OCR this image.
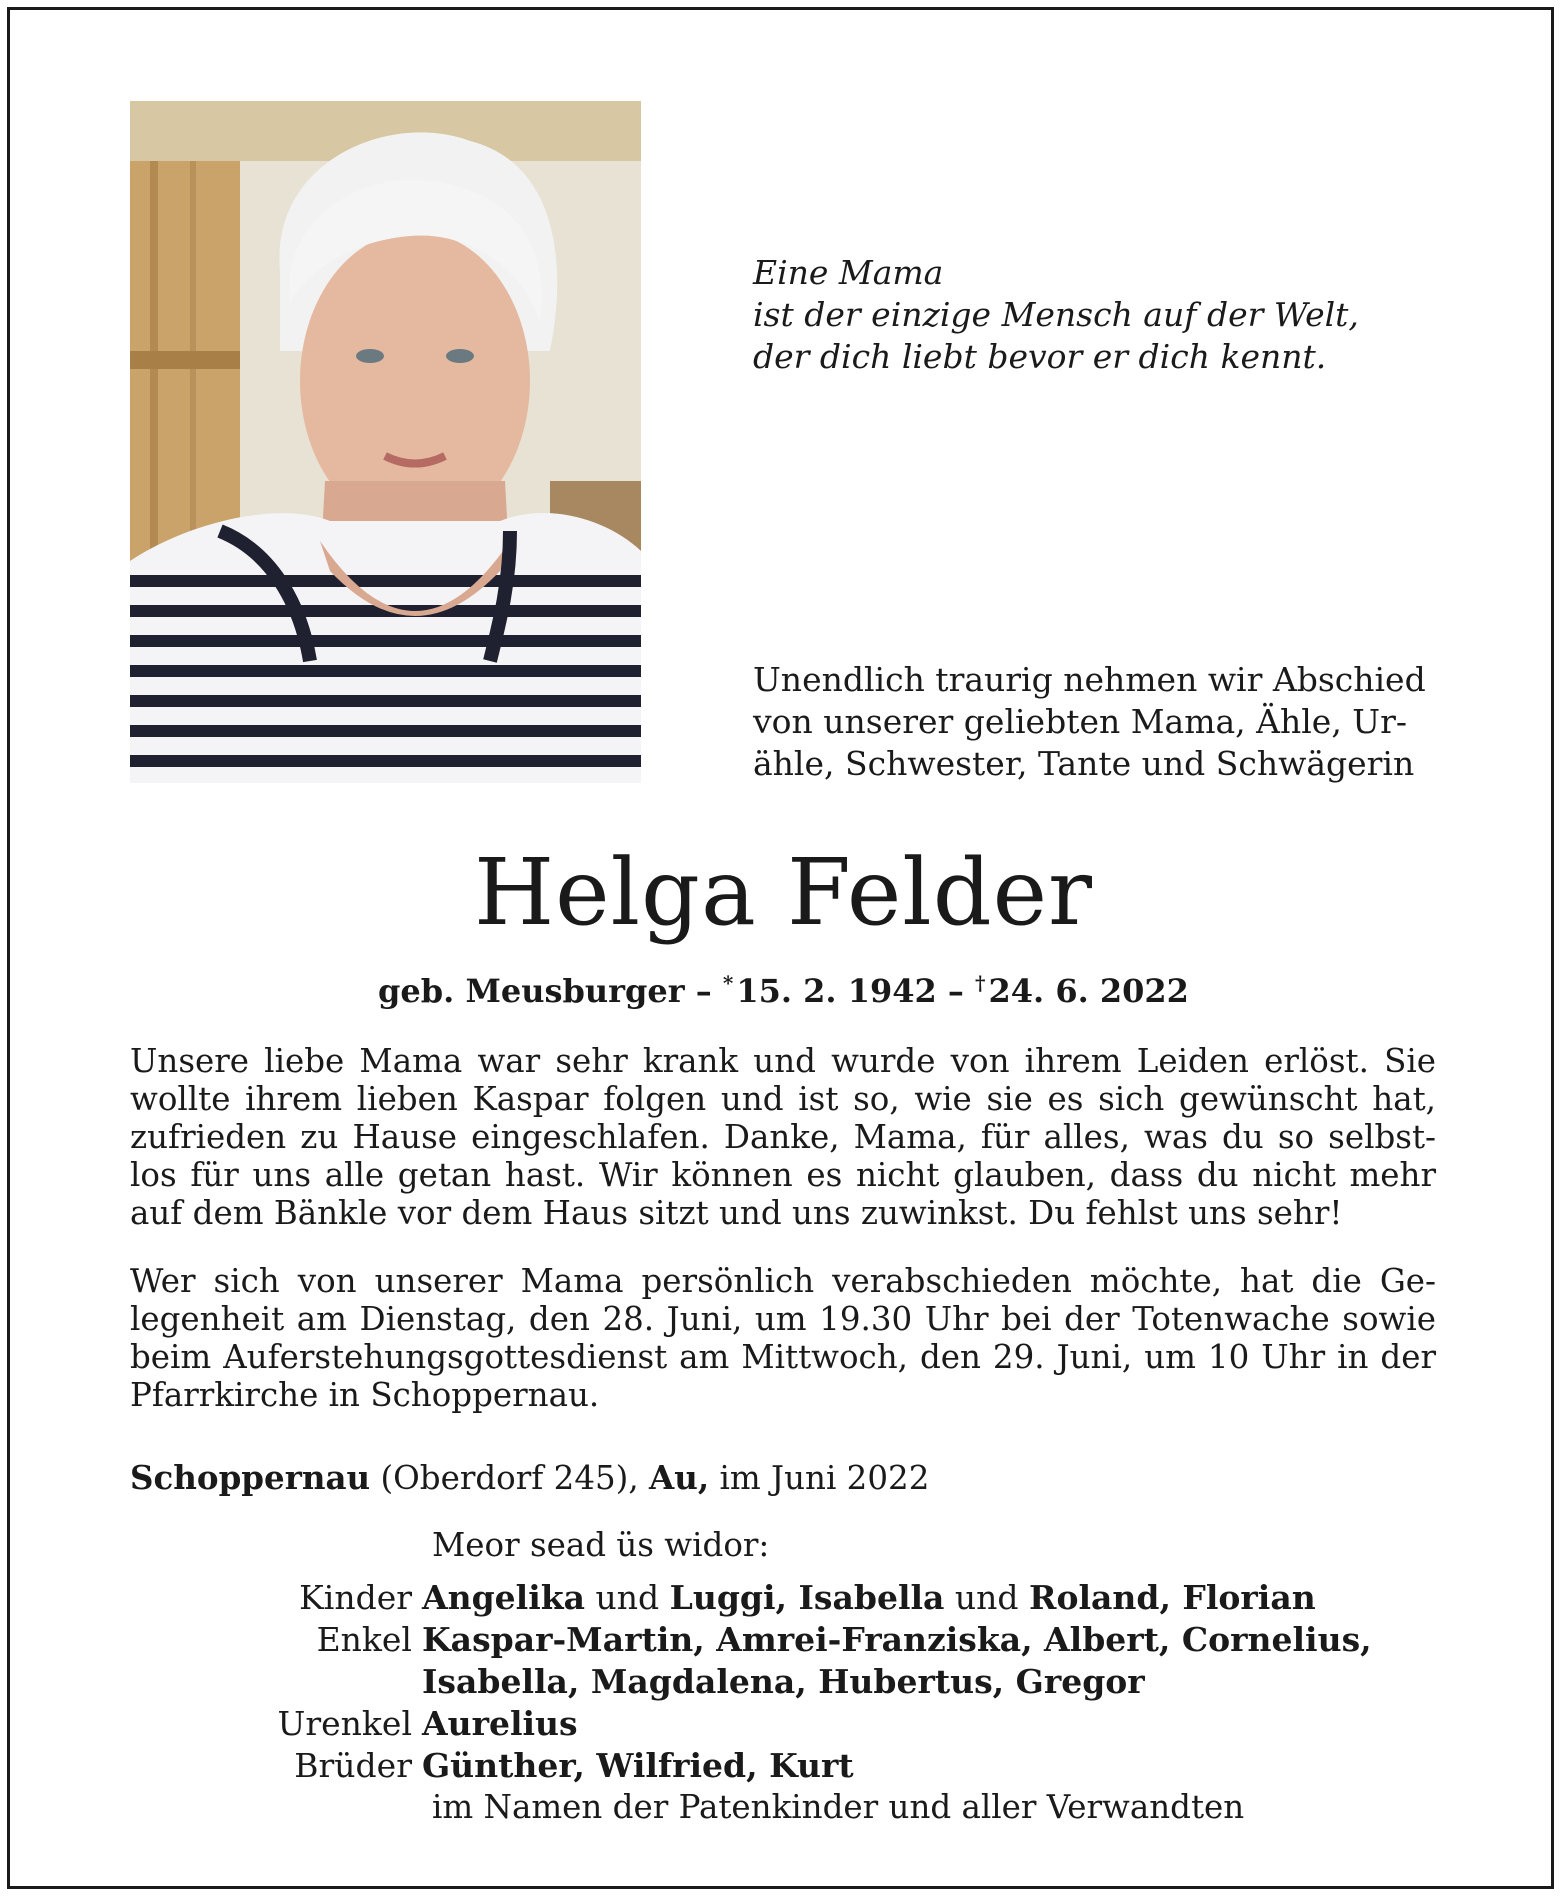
Eine Mama
ist der einzige Mensch auf der Welt,
der dich liebt bevor er dich kennt.
Unendlich traurig nehmen wir Abschied
von unserer geliebten Mama, Ähle, Ur-
ähle, Schwester, Tante und Schwägerin
Helga Felder
geb. Meusburger – *15. 2. 1942 – †24. 6. 2022
Unsere liebe Mama war sehr krank und wurde von ihrem Leiden erlöst. Sie
wollte ihrem lieben Kaspar folgen und ist so, wie sie es sich gewünscht hat,
zufrieden zu Hause eingeschlafen. Danke, Mama, für alles, was du so selbst-
los für uns alle getan hast. Wir können es nicht glauben, dass du nicht mehr
auf dem Bänkle vor dem Haus sitzt und uns zuwinkst. Du fehlst uns sehr!
Wer sich von unserer Mama persönlich verabschieden möchte, hat die Ge-
legenheit am Dienstag, den 28. Juni, um 19.30 Uhr bei der Totenwache sowie
beim Auferstehungsgottesdienst am Mittwoch, den 29. Juni, um 10 Uhr in der
Pfarrkirche in Schoppernau.
Schoppernau (Oberdorf 245), Au, im Juni 2022
Meor sead üs widor:
Kinder Angelika und Luggi, Isabella und Roland, Florian
Enkel Kaspar-Martin, Amrei-Franziska, Albert, Cornelius,
Isabella, Magdalena, Hubertus, Gregor
Urenkel Aurelius
Brüder Günther, Wilfried, Kurt
im Namen der Patenkinder und aller Verwandten
